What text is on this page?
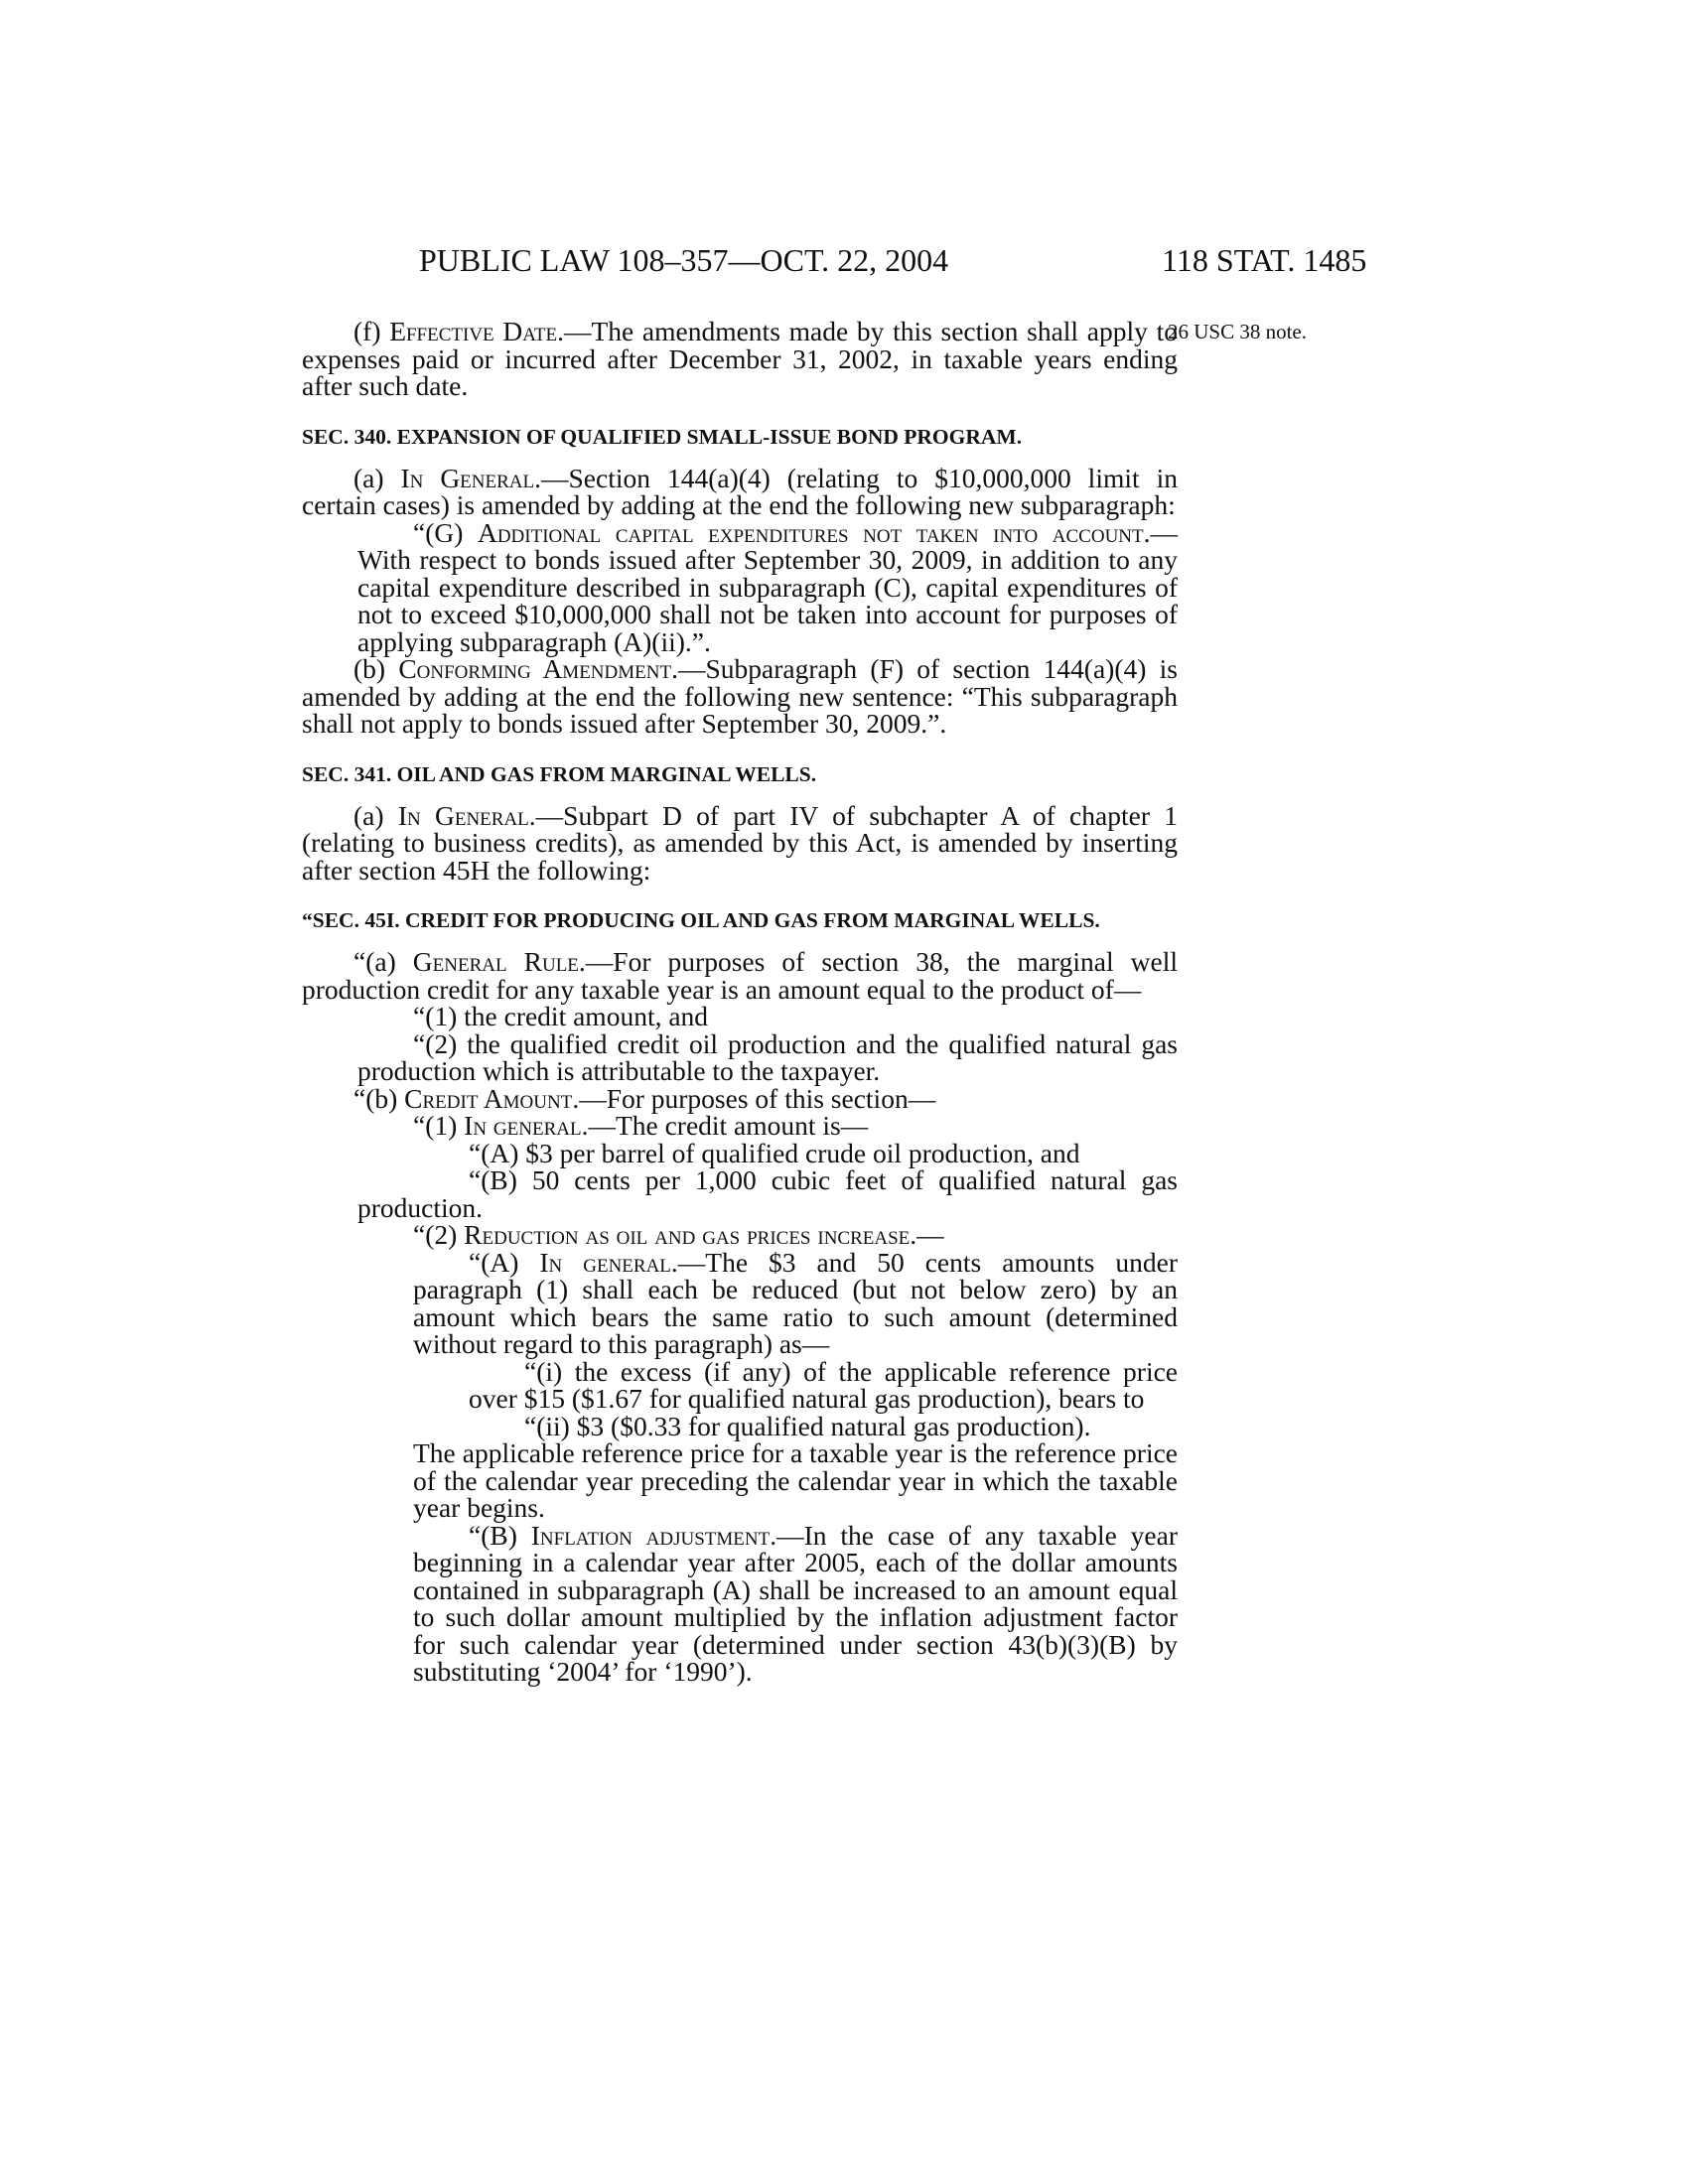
PUBLIC LAW 108–357—OCT. 22, 2004	118 STAT. 1485
26 USC 38 note.

(f) Effective Date.—The amendments made by this section shall apply to expenses paid or incurred after December 31, 2002, in taxable years ending after such date.

SEC. 340. EXPANSION OF QUALIFIED SMALL-ISSUE BOND PROGRAM.

(a) In General.—Section 144(a)(4) (relating to $10,000,000 limit in certain cases) is amended by adding at the end the following new subparagraph:

“(G) Additional capital expenditures not taken into account.—With respect to bonds issued after September 30, 2009, in addition to any capital expenditure described in subparagraph (C), capital expenditures of not to exceed $10,000,000 shall not be taken into account for purposes of applying subparagraph (A)(ii).”.

(b) Conforming Amendment.—Subparagraph (F) of section 144(a)(4) is amended by adding at the end the following new sentence: “This subparagraph shall not apply to bonds issued after September 30, 2009.”.

SEC. 341. OIL AND GAS FROM MARGINAL WELLS.

(a) In General.—Subpart D of part IV of subchapter A of chapter 1 (relating to business credits), as amended by this Act, is amended by inserting after section 45H the following:

“SEC. 45I. CREDIT FOR PRODUCING OIL AND GAS FROM MARGINAL WELLS.

“(a) General Rule.—For purposes of section 38, the marginal well production credit for any taxable year is an amount equal to the product of—

“(1) the credit amount, and

“(2) the qualified credit oil production and the qualified natural gas production which is attributable to the taxpayer.

“(b) Credit Amount.—For purposes of this section—

“(1) In general.—The credit amount is—

“(A) $3 per barrel of qualified crude oil production, and

“(B) 50 cents per 1,000 cubic feet of qualified natural gas production.

“(2) Reduction as oil and gas prices increase.—

“(A) In general.—The $3 and 50 cents amounts under paragraph (1) shall each be reduced (but not below zero) by an amount which bears the same ratio to such amount (determined without regard to this paragraph) as—

“(i) the excess (if any) of the applicable reference price over $15 ($1.67 for qualified natural gas production), bears to

“(ii) $3 ($0.33 for qualified natural gas production).

The applicable reference price for a taxable year is the reference price of the calendar year preceding the calendar year in which the taxable year begins.

“(B) Inflation adjustment.—In the case of any taxable year beginning in a calendar year after 2005, each of the dollar amounts contained in subparagraph (A) shall be increased to an amount equal to such dollar amount multiplied by the inflation adjustment factor for such calendar year (determined under section 43(b)(3)(B) by substituting ‘2004’ for ‘1990’).
